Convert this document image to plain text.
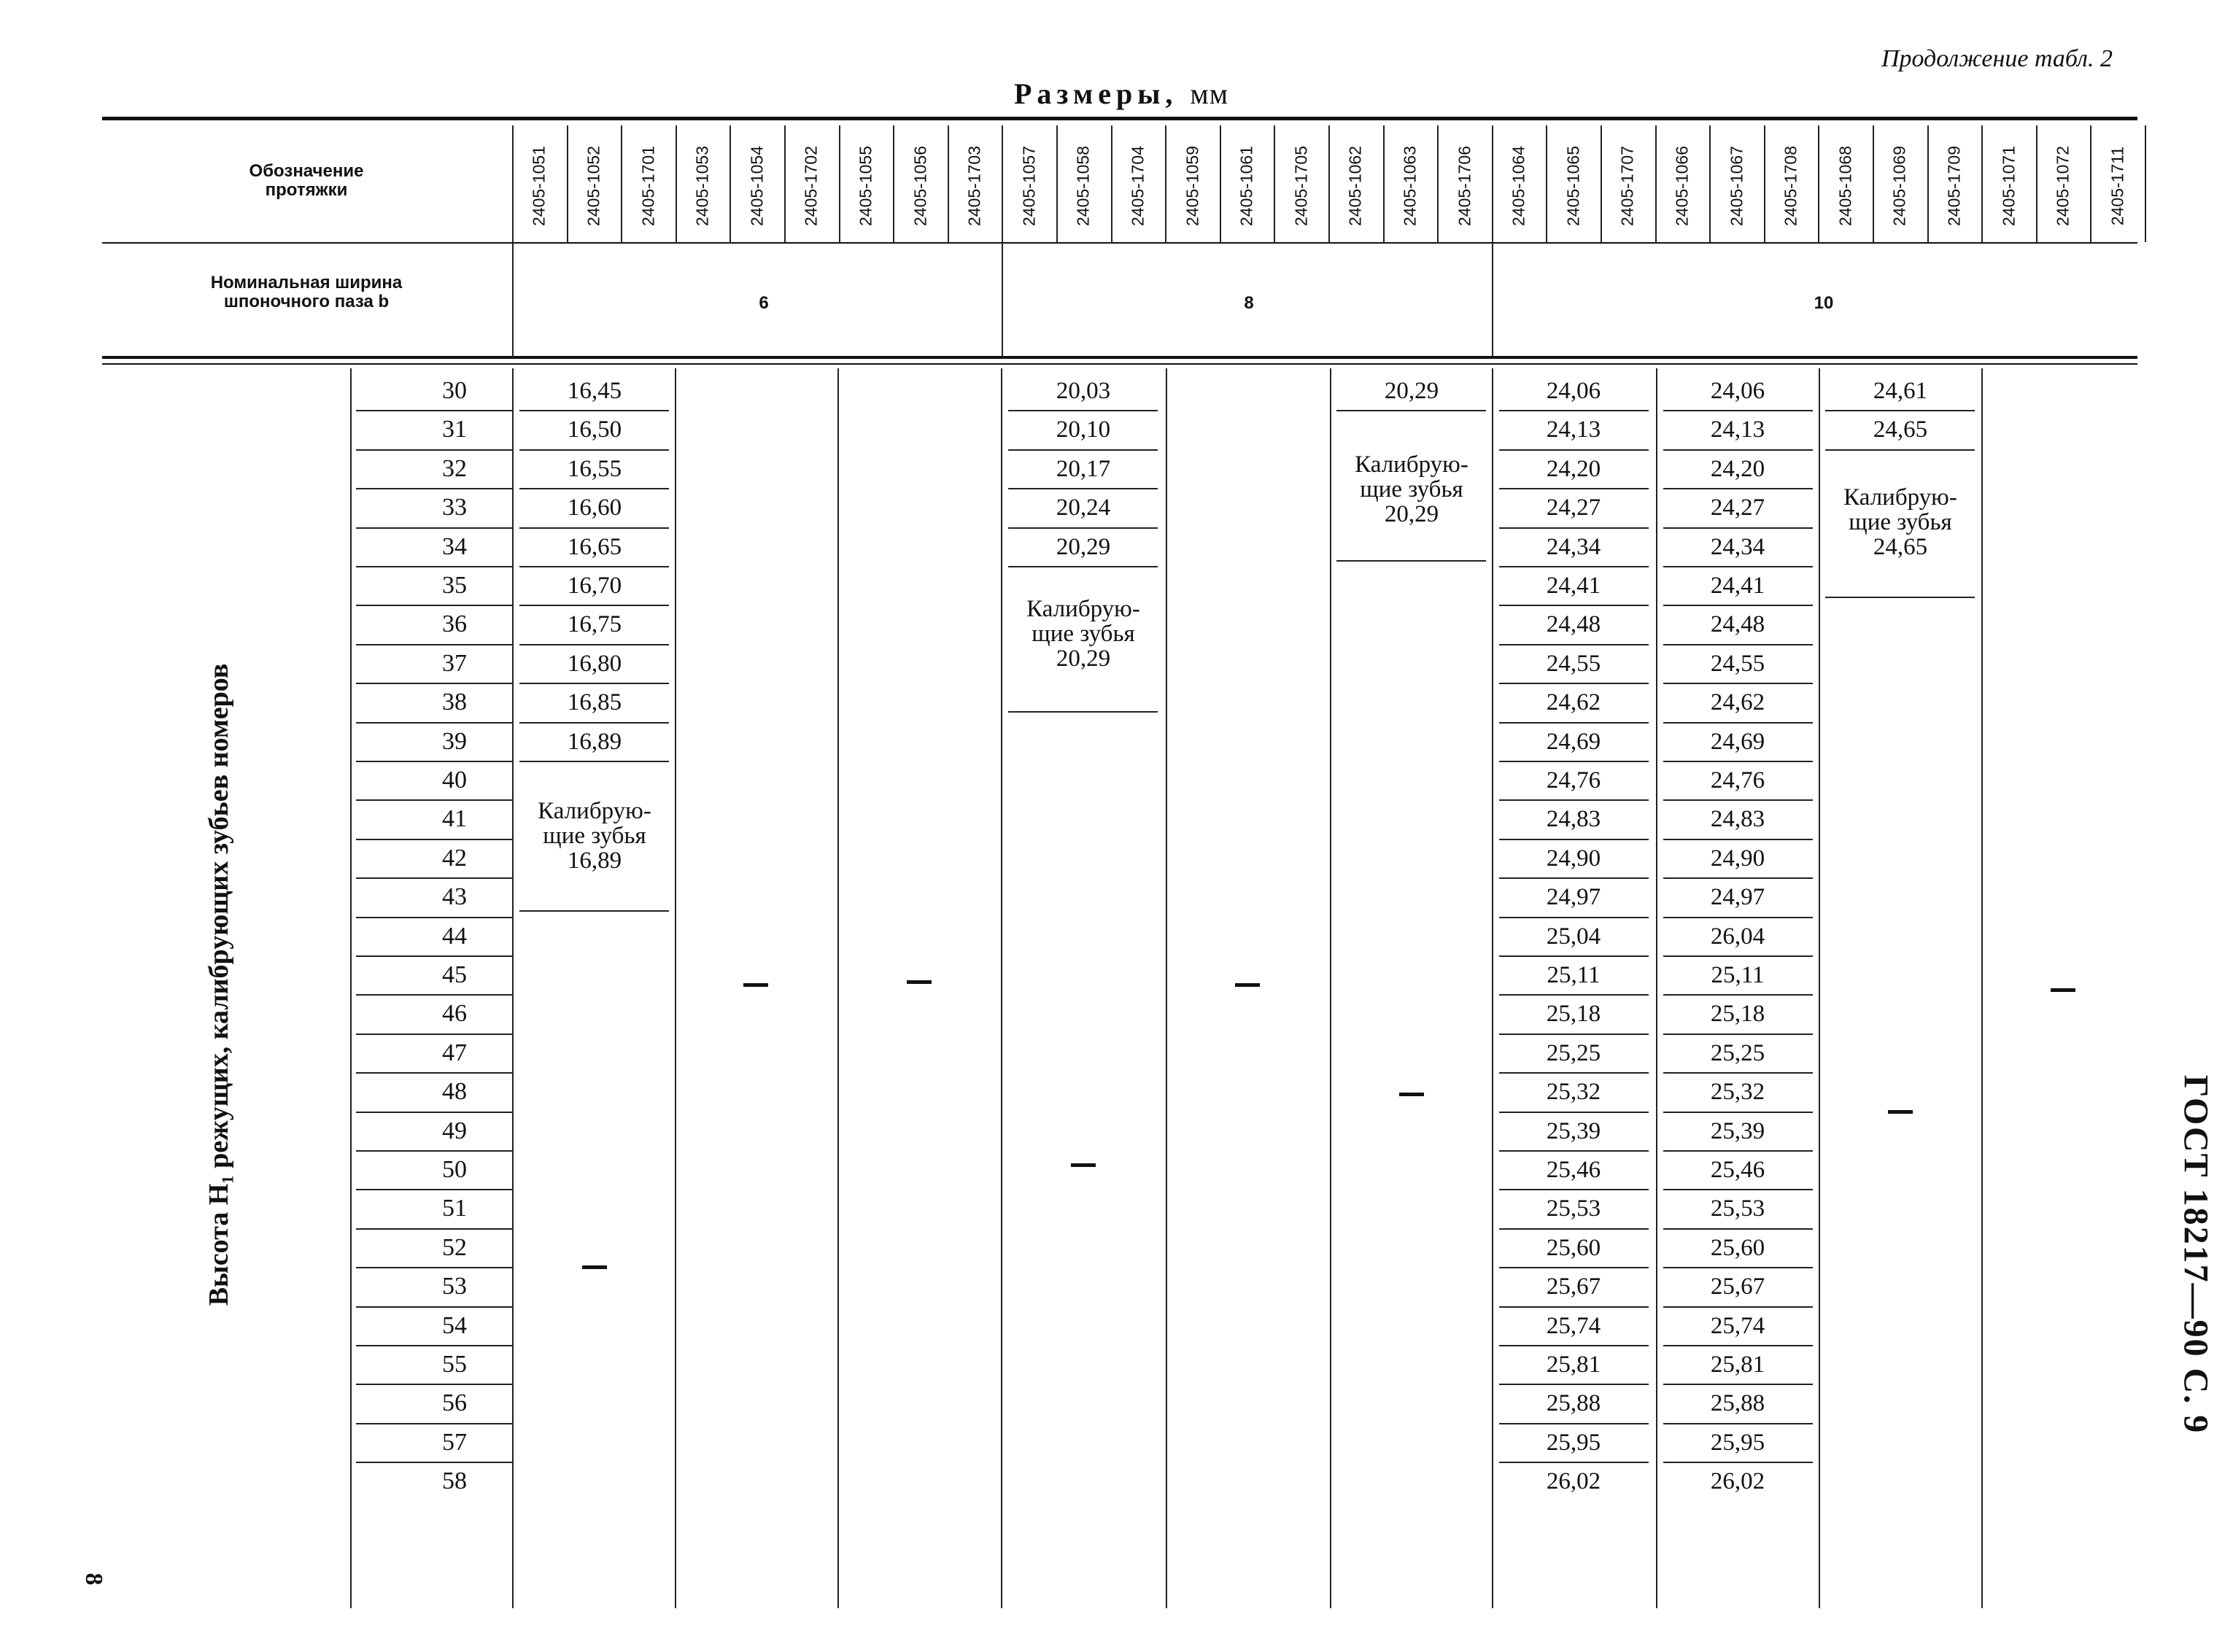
Продолжение табл. 2
Размеры, мм
Обозначение протяжки
Номинальная ширина шпоночного паза b
2405-1051 2405-1052 2405-1701 2405-1053 2405-1054 2405-1702 2405-1055 2405-1056 2405-1703 2405-1057 2405-1058 2405-1704 2405-1059 2405-1061 2405-1705 2405-1062 2405-1063 2405-1706 2405-1064 2405-1065 2405-1707 2405-1066 2405-1067 2405-1708 2405-1068 2405-1069 2405-1709 2405-1071 2405-1072 2405-1711
6	8	10
Высота H₁ режущих, калибрующих зубьев номеров
30
31
32
33
34
35
36
37
38
39
40
41
42
43
44
45
46
47
48
49
50
51
52
53
54
55
56
57
58
16,45
16,50
16,55
16,60
16,65
16,70
16,75
16,80
16,85
16,89
Калибрую-
щие зубья
16,89
20,03
20,10
20,17
20,24
20,29
Калибрую-
щие зубья
20,29
20,29
Калибрую-
щие зубья
20,29
24,06
24,13
24,20
24,27
24,34
24,41
24,48
24,55
24,62
24,69
24,76
24,83
24,90
24,97
25,04
25,11
25,18
25,25
25,32
25,39
25,46
25,53
25,60
25,67
25,74
25,81
25,88
25,95
26,02
24,06
24,13
24,20
24,27
24,34
24,41
24,48
24,55
24,62
24,69
24,76
24,83
24,90
24,97
26,04
25,11
25,18
25,25
25,32
25,39
25,46
25,53
25,60
25,67
25,74
25,81
25,88
25,95
26,02
24,61
24,65
Калибрую-
щие зубья
24,65
ГОСТ 18217—90 С. 9
8
